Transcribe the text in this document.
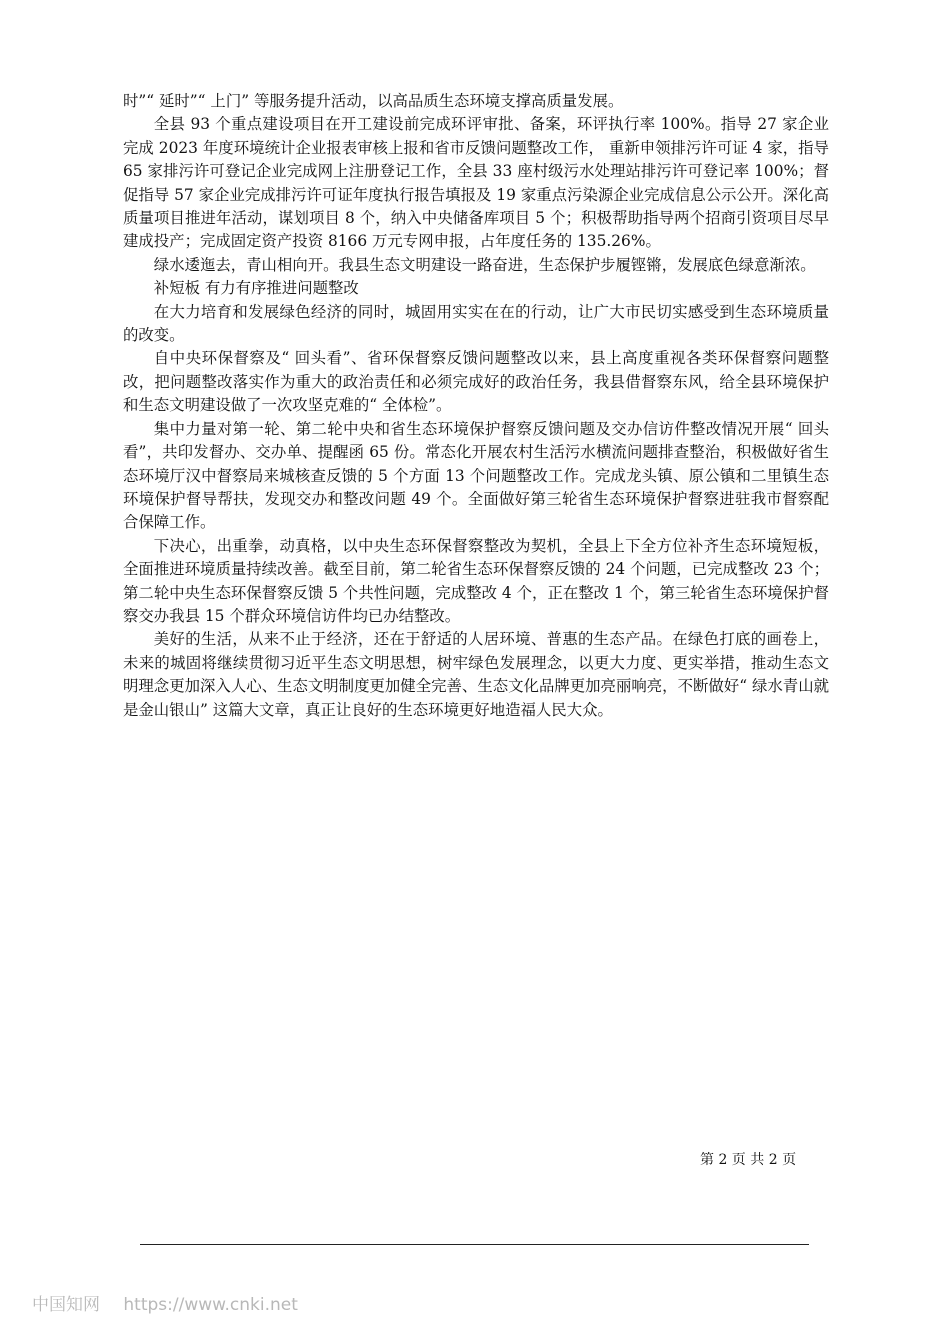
时”“ 延时”“ 上门” 等服务提升活动，以高品质生态环境支撑高质量发展。

全县 93 个重点建设项目在开工建设前完成环评审批、备案，环评执行率 100%。指导 27 家企业完成 2023 年度环境统计企业报表审核上报和省市反馈问题整改工作， 重新申领排污许可证 4 家，指导 65 家排污许可登记企业完成网上注册登记工作，全县 33 座村级污水处理站排污许可登记率 100%；督促指导 57 家企业完成排污许可证年度执行报告填报及 19 家重点污染源企业完成信息公示公开。深化高质量项目推进年活动，谋划项目 8 个，纳入中央储备库项目 5 个；积极帮助指导两个招商引资项目尽早建成投产；完成固定资产投资 8166 万元专网申报，占年度任务的 135.26%。

绿水逶迤去，青山相向开。我县生态文明建设一路奋进，生态保护步履铿锵，发展底色绿意渐浓。

补短板 有力有序推进问题整改

在大力培育和发展绿色经济的同时，城固用实实在在的行动，让广大市民切实感受到生态环境质量的改变。

自中央环保督察及“ 回头看”、省环保督察反馈问题整改以来，县上高度重视各类环保督察问题整改，把问题整改落实作为重大的政治责任和必须完成好的政治任务，我县借督察东风，给全县环境保护和生态文明建设做了一次攻坚克难的“ 全体检”。

集中力量对第一轮、第二轮中央和省生态环境保护督察反馈问题及交办信访件整改情况开展“ 回头看”，共印发督办、交办单、提醒函 65 份。常态化开展农村生活污水横流问题排查整治，积极做好省生态环境厅汉中督察局来城核查反馈的 5 个方面 13 个问题整改工作。完成龙头镇、原公镇和二里镇生态环境保护督导帮扶，发现交办和整改问题 49 个。全面做好第三轮省生态环境保护督察进驻我市督察配合保障工作。

下决心，出重拳，动真格，以中央生态环保督察整改为契机，全县上下全方位补齐生态环境短板，全面推进环境质量持续改善。截至目前，第二轮省生态环保督察反馈的 24 个问题，已完成整改 23 个；第二轮中央生态环保督察反馈 5 个共性问题，完成整改 4 个，正在整改 1 个，第三轮省生态环境保护督察交办我县 15 个群众环境信访件均已办结整改。

美好的生活，从来不止于经济，还在于舒适的人居环境、普惠的生态产品。在绿色打底的画卷上，未来的城固将继续贯彻习近平生态文明思想，树牢绿色发展理念，以更大力度、更实举措，推动生态文明理念更加深入人心、生态文明制度更加健全完善、生态文化品牌更加亮丽响亮，不断做好“ 绿水青山就是金山银山” 这篇大文章，真正让良好的生态环境更好地造福人民大众。

第 2 页 共 2 页
中国知网 https://www.cnki.net
